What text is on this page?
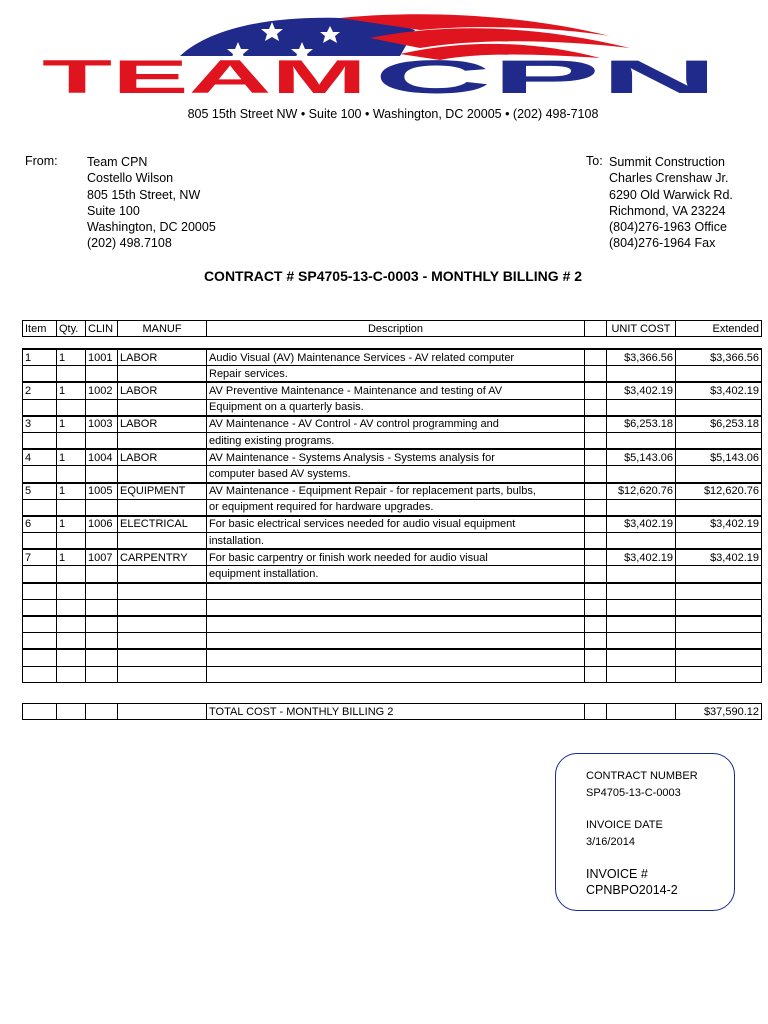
TEAM CPN
805 15th Street NW • Suite 100 • Washington, DC 20005 • (202) 498-7108
From: Team CPN
Costello Wilson
805 15th Street, NW
Suite 100
Washington, DC 20005
(202) 498.7108
To: Summit Construction
Charles Crenshaw Jr.
6290 Old Warwick Rd.
Richmond, VA 23224
(804)276-1963 Office
(804)276-1964 Fax
CONTRACT # SP4705-13-C-0003 - MONTHLY BILLING # 2
Item	Qty.	CLIN	MANUF	Description		UNIT COST	Extended
1	1	1001	LABOR	Audio Visual (AV) Maintenance Services - AV related computer		$3,366.56	$3,366.56
				Repair services.			
2	1	1002	LABOR	AV Preventive Maintenance - Maintenance and testing of AV		$3,402.19	$3,402.19
				Equipment on a quarterly basis.			
3	1	1003	LABOR	AV Maintenance - AV Control - AV control programming and		$6,253.18	$6,253.18
				editing existing programs.			
4	1	1004	LABOR	AV Maintenance - Systems Analysis - Systems analysis for		$5,143.06	$5,143.06
				computer based AV systems.			
5	1	1005	EQUIPMENT	AV Maintenance - Equipment Repair - for replacement parts, bulbs,		$12,620.76	$12,620.76
				or equipment required for hardware upgrades.			
6	1	1006	ELECTRICAL	For basic electrical services needed for audio visual equipment		$3,402.19	$3,402.19
				installation.			
7	1	1007	CARPENTRY	For basic carpentry or finish work needed for audio visual		$3,402.19	$3,402.19
				equipment installation.			

				TOTAL COST - MONTHLY BILLING 2			$37,590.12
CONTRACT NUMBER
SP4705-13-C-0003
INVOICE DATE
3/16/2014
INVOICE #
CPNBPO2014-2
